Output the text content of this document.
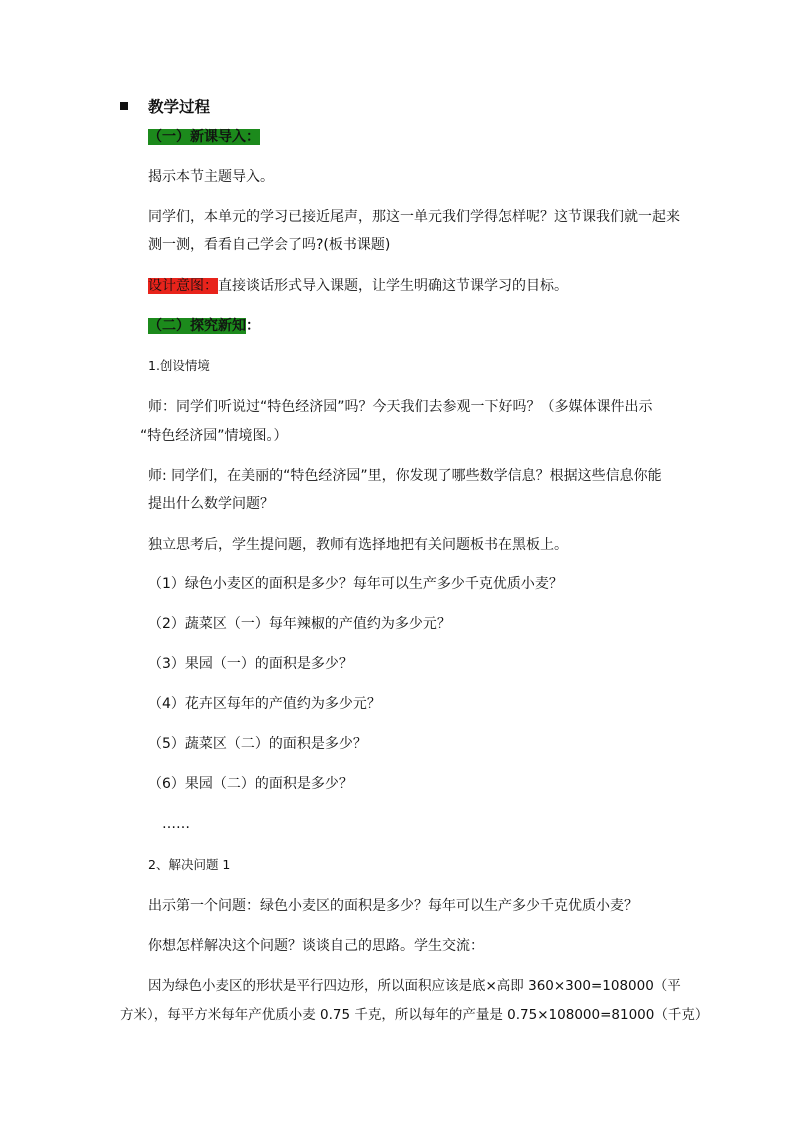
教学过程
（一）新课导入：
揭示本节主题导入。
同学们，本单元的学习已接近尾声，那这一单元我们学得怎样呢？这节课我们就一起来
测一测，看看自己学会了吗?(板书课题)
设计意图：直接谈话形式导入课题，让学生明确这节课学习的目标。
（二）探究新知：
1.创设情境
师：同学们听说过“特色经济园”吗？今天我们去参观一下好吗？（多媒体课件出示
“特色经济园”情境图。）
师: 同学们，在美丽的“特色经济园”里，你发现了哪些数学信息？根据这些信息你能
提出什么数学问题？
独立思考后，学生提问题，教师有选择地把有关问题板书在黑板上。
（1）绿色小麦区的面积是多少？每年可以生产多少千克优质小麦？
（2）蔬菜区（一）每年辣椒的产值约为多少元？
（3）果园（一）的面积是多少？
（4）花卉区每年的产值约为多少元？
（5）蔬菜区（二）的面积是多少？
（6）果园（二）的面积是多少？
……
2、解决问题 1
出示第一个问题：绿色小麦区的面积是多少？每年可以生产多少千克优质小麦？
你想怎样解决这个问题？谈谈自己的思路。学生交流：
因为绿色小麦区的形状是平行四边形，所以面积应该是底×高即 360×300=108000（平
方米），每平方米每年产优质小麦 0.75 千克，所以每年的产量是 0.75×108000=81000（千克）
